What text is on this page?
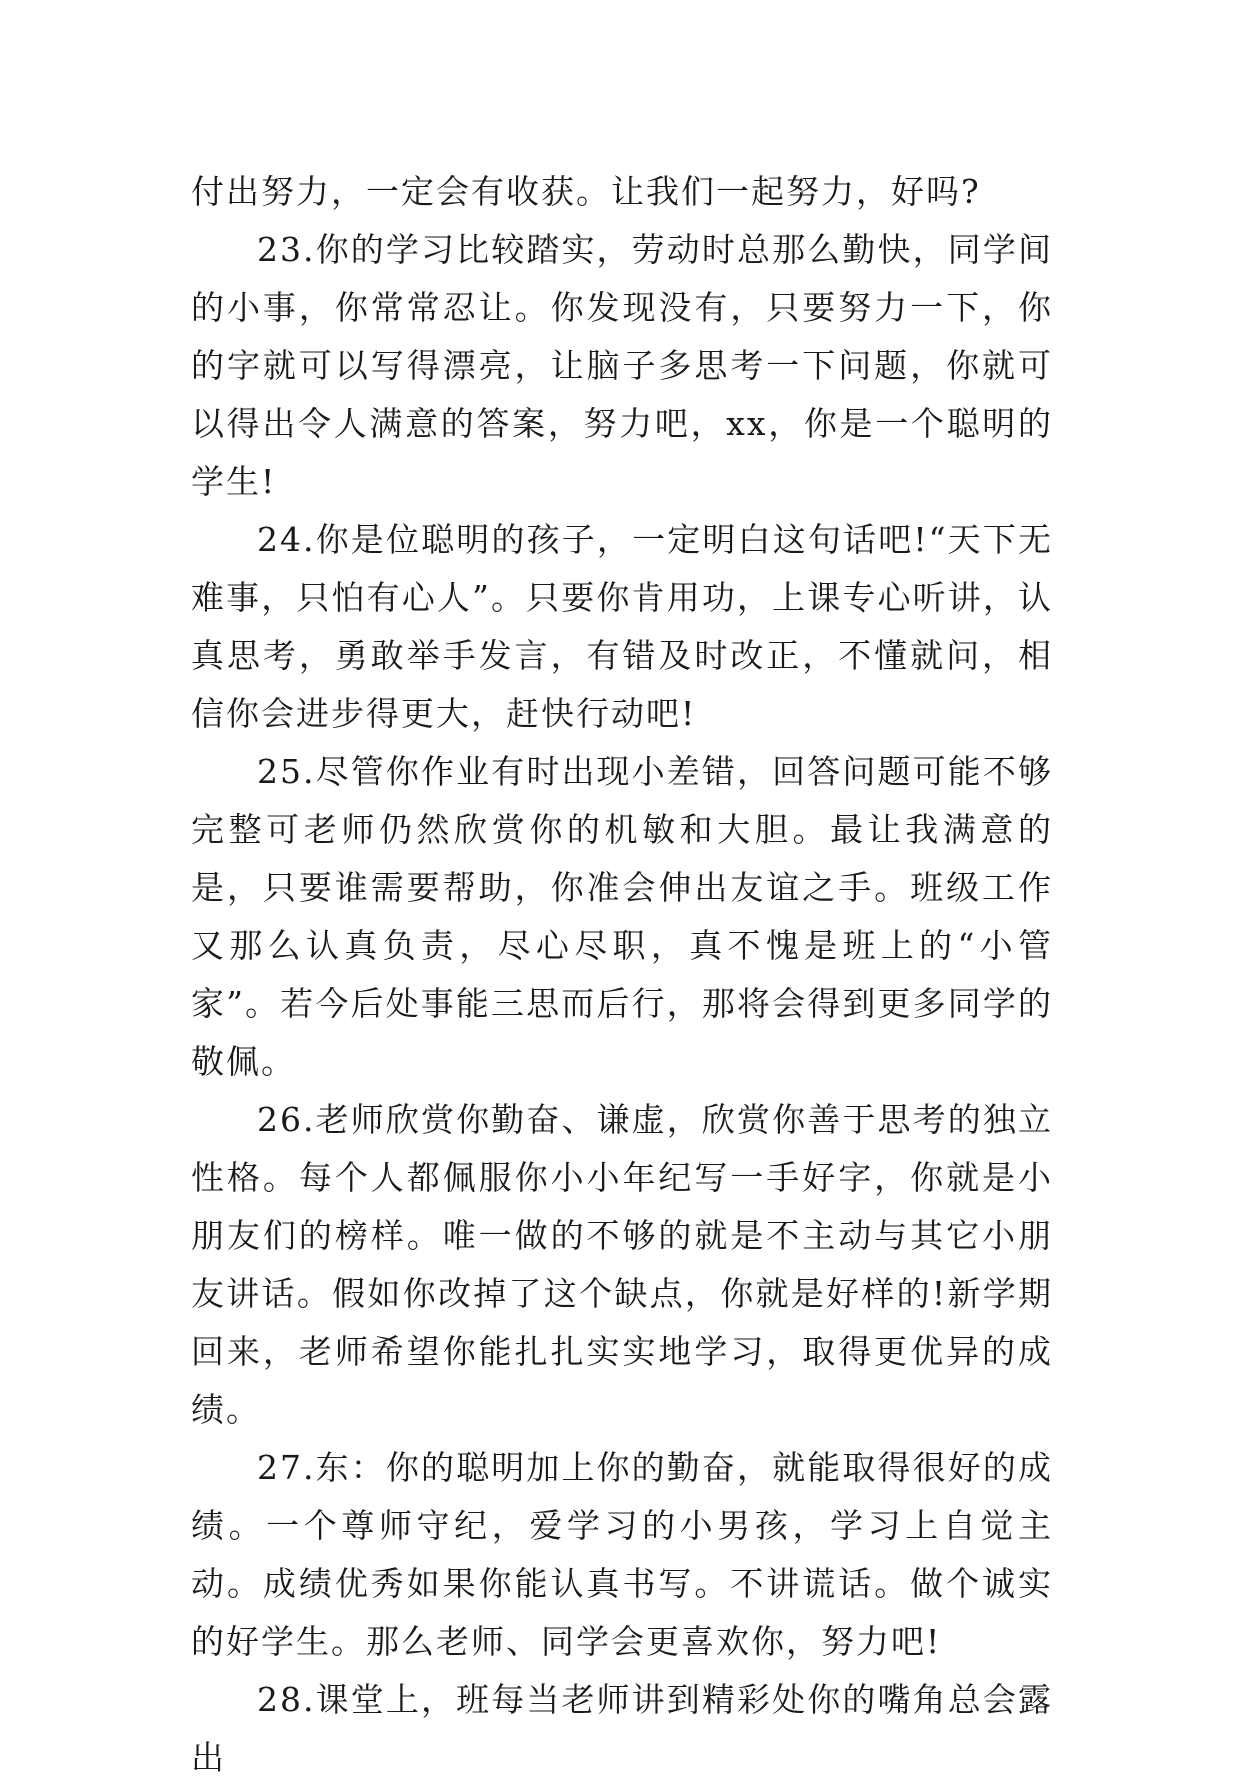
付出努力，一定会有收获。让我们一起努力，好吗?

23.你的学习比较踏实，劳动时总那么勤快，同学间的小事，你常常忍让。你发现没有，只要努力一下，你的字就可以写得漂亮，让脑子多思考一下问题，你就可以得出令人满意的答案，努力吧，xx，你是一个聪明的学生!

24.你是位聪明的孩子，一定明白这句话吧!“天下无难事，只怕有心人”。只要你肯用功，上课专心听讲，认真思考，勇敢举手发言，有错及时改正，不懂就问，相信你会进步得更大，赶快行动吧!

25.尽管你作业有时出现小差错，回答问题可能不够完整可老师仍然欣赏你的机敏和大胆。最让我满意的是，只要谁需要帮助，你准会伸出友谊之手。班级工作又那么认真负责，尽心尽职，真不愧是班上的“小管家”。若今后处事能三思而后行，那将会得到更多同学的敬佩。

26.老师欣赏你勤奋、谦虚，欣赏你善于思考的独立性格。每个人都佩服你小小年纪写一手好字，你就是小朋友们的榜样。唯一做的不够的就是不主动与其它小朋友讲话。假如你改掉了这个缺点，你就是好样的!新学期回来，老师希望你能扎扎实实地学习，取得更优异的成绩。

27.东：你的聪明加上你的勤奋，就能取得很好的成绩。一个尊师守纪，爱学习的小男孩，学习上自觉主动。成绩优秀如果你能认真书写。不讲谎话。做个诚实的好学生。那么老师、同学会更喜欢你，努力吧!

28.课堂上，班每当老师讲到精彩处你的嘴角总会露出
